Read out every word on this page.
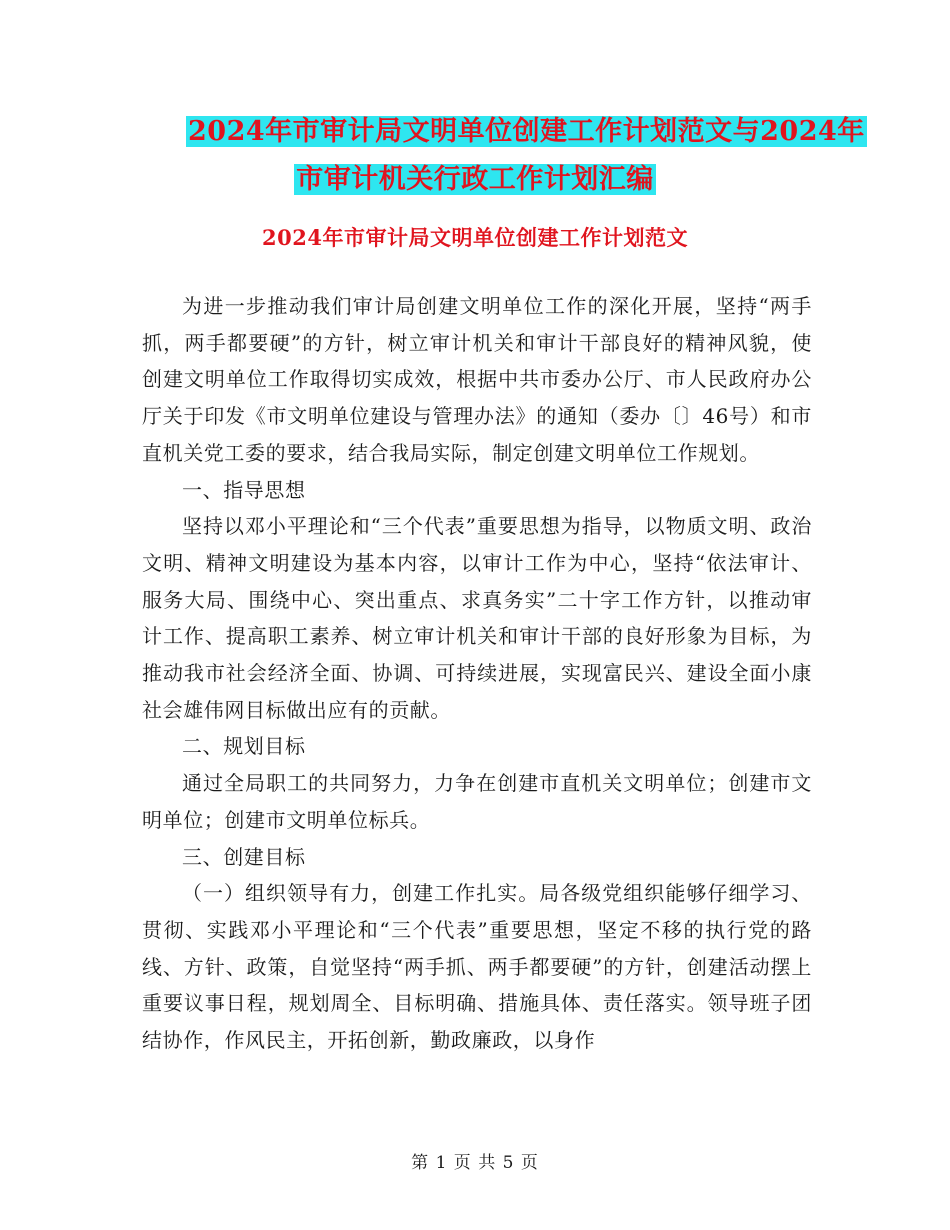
2024年市审计局文明单位创建工作计划范文与2024年
市审计机关行政工作计划汇编
2024年市审计局文明单位创建工作计划范文

为进一步推动我们审计局创建文明单位工作的深化开展，坚持“两手抓，两手都要硬”的方针，树立审计机关和审计干部良好的精神风貌，使创建文明单位工作取得切实成效，根据中共市委办公厅、市人民政府办公厅关于印发《市文明单位建设与管理办法》的通知（委办〔〕46号）和市直机关党工委的要求，结合我局实际，制定创建文明单位工作规划。

一、指导思想

坚持以邓小平理论和“三个代表”重要思想为指导，以物质文明、政治文明、精神文明建设为基本内容，以审计工作为中心，坚持“依法审计、服务大局、围绕中心、突出重点、求真务实”二十字工作方针，以推动审计工作、提高职工素养、树立审计机关和审计干部的良好形象为目标，为推动我市社会经济全面、协调、可持续进展，实现富民兴、建设全面小康社会雄伟网目标做出应有的贡献。

二、规划目标

通过全局职工的共同努力，力争在创建市直机关文明单位；创建市文明单位；创建市文明单位标兵。

三、创建目标

（一）组织领导有力，创建工作扎实。局各级党组织能够仔细学习、贯彻、实践邓小平理论和“三个代表”重要思想，坚定不移的执行党的路线、方针、政策，自觉坚持“两手抓、两手都要硬”的方针，创建活动摆上重要议事日程，规划周全、目标明确、措施具体、责任落实。领导班子团结协作，作风民主，开拓创新，勤政廉政，以身作

第 1 页 共 5 页
